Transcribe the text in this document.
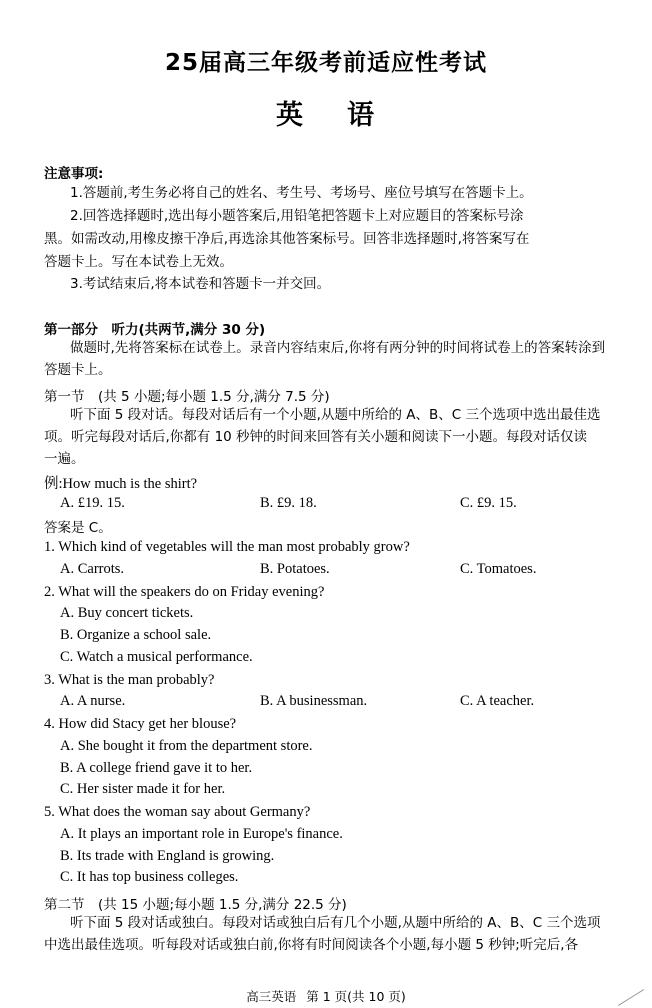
25届高三年级考前适应性考试
英 语
注意事项:
1.答题前,考生务必将自己的姓名、考生号、考场号、座位号填写在答题卡上。
2.回答选择题时,选出每小题答案后,用铅笔把答题卡上对应题目的答案标号涂
黑。如需改动,用橡皮擦干净后,再选涂其他答案标号。回答非选择题时,将答案写在
答题卡上。写在本试卷上无效。
3.考试结束后,将本试卷和答题卡一并交回。
第一部分　听力(共两节,满分 30 分)
做题时,先将答案标在试卷上。录音内容结束后,你将有两分钟的时间将试卷上的答案转涂到答题卡上。
第一节　(共 5 小题;每小题 1.5 分,满分 7.5 分)
听下面 5 段对话。每段对话后有一个小题,从题中所给的 A、B、C 三个选项中选出最佳选
项。听完每段对话后,你都有 10 秒钟的时间来回答有关小题和阅读下一小题。每段对话仅读
一遍。
例:How much is the shirt?
A. £19. 15.	B. £9. 18.	C. £9. 15.
答案是 C。
1. Which kind of vegetables will the man most probably grow?
A. Carrots.	B. Potatoes.	C. Tomatoes.
2. What will the speakers do on Friday evening?
A. Buy concert tickets.
B. Organize a school sale.
C. Watch a musical performance.
3. What is the man probably?
A. A nurse.	B. A businessman.	C. A teacher.
4. How did Stacy get her blouse?
A. She bought it from the department store.
B. A college friend gave it to her.
C. Her sister made it for her.
5. What does the woman say about Germany?
A. It plays an important role in Europe's finance.
B. Its trade with England is growing.
C. It has top business colleges.
第二节　(共 15 小题;每小题 1.5 分,满分 22.5 分)
听下面 5 段对话或独白。每段对话或独白后有几个小题,从题中所给的 A、B、C 三个选项
中选出最佳选项。听每段对话或独白前,你将有时间阅读各个小题,每小题 5 秒钟;听完后,各
高三英语 第 1 页(共 10 页)
